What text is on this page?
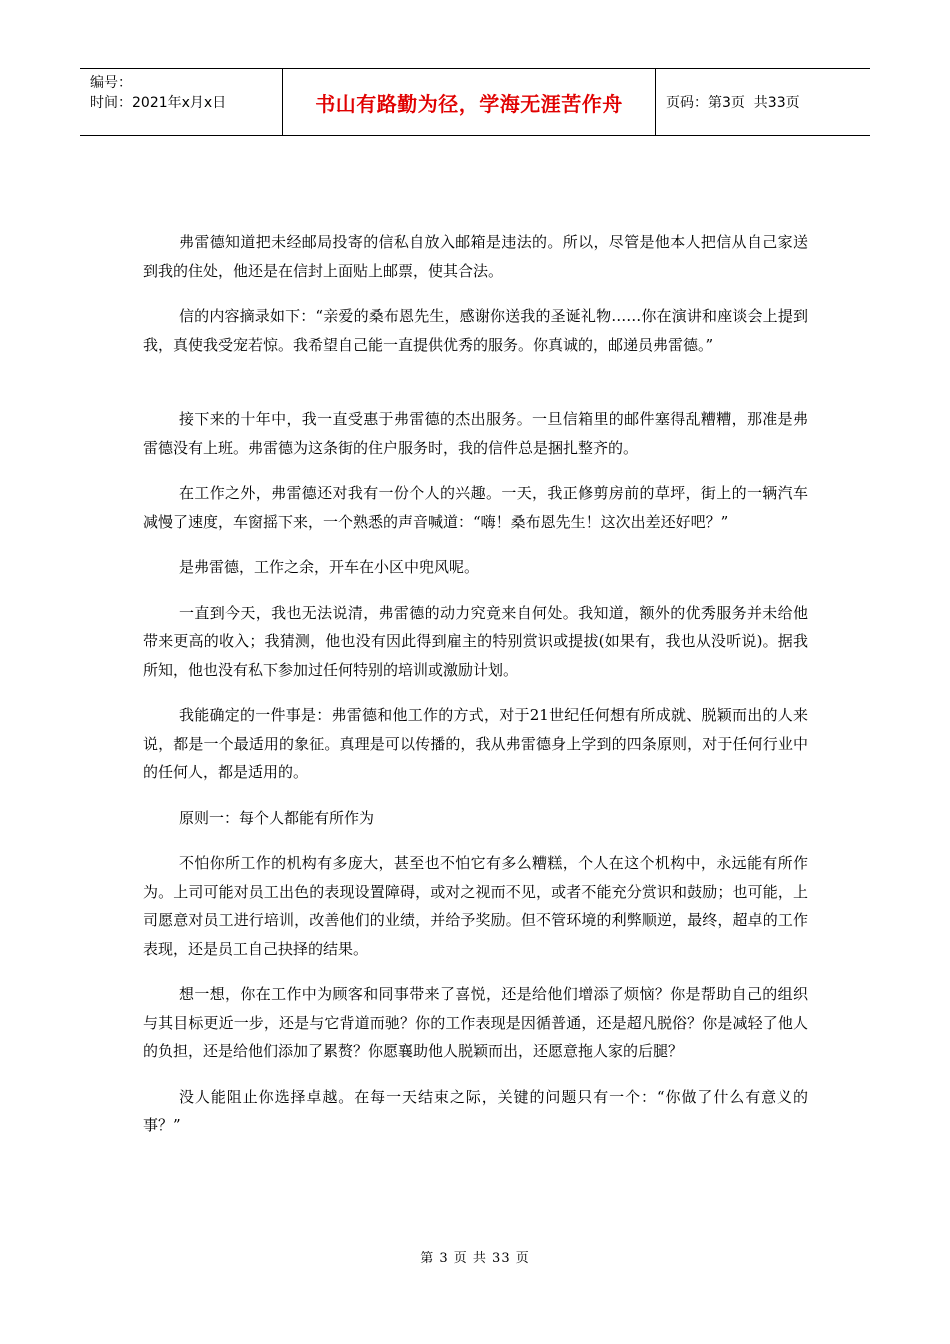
编号：
时间：2021年x月x日	书山有路勤为径，学海无涯苦作舟	页码：第3页  共33页

弗雷德知道把未经邮局投寄的信私自放入邮箱是违法的。所以，尽管是他本人把信从自己家送到我的住处，他还是在信封上面贴上邮票，使其合法。

信的内容摘录如下：“亲爱的桑布恩先生，感谢你送我的圣诞礼物……你在演讲和座谈会上提到我，真使我受宠若惊。我希望自己能一直提供优秀的服务。你真诚的，邮递员弗雷德。”

接下来的十年中，我一直受惠于弗雷德的杰出服务。一旦信箱里的邮件塞得乱糟糟，那准是弗雷德没有上班。弗雷德为这条街的住户服务时，我的信件总是捆扎整齐的。

在工作之外，弗雷德还对我有一份个人的兴趣。一天，我正修剪房前的草坪，街上的一辆汽车减慢了速度，车窗摇下来，一个熟悉的声音喊道：“嗨！桑布恩先生！这次出差还好吧？”

是弗雷德，工作之余，开车在小区中兜风呢。

一直到今天，我也无法说清，弗雷德的动力究竟来自何处。我知道，额外的优秀服务并未给他带来更高的收入；我猜测，他也没有因此得到雇主的特别赏识或提拔(如果有，我也从没听说)。据我所知，他也没有私下参加过任何特别的培训或激励计划。

我能确定的一件事是：弗雷德和他工作的方式，对于21世纪任何想有所成就、脱颖而出的人来说，都是一个最适用的象征。真理是可以传播的，我从弗雷德身上学到的四条原则，对于任何行业中的任何人，都是适用的。

原则一：每个人都能有所作为

不怕你所工作的机构有多庞大，甚至也不怕它有多么糟糕，个人在这个机构中，永远能有所作为。上司可能对员工出色的表现设置障碍，或对之视而不见，或者不能充分赏识和鼓励；也可能，上司愿意对员工进行培训，改善他们的业绩，并给予奖励。但不管环境的利弊顺逆，最终，超卓的工作表现，还是员工自己抉择的结果。

想一想，你在工作中为顾客和同事带来了喜悦，还是给他们增添了烦恼？你是帮助自己的组织与其目标更近一步，还是与它背道而驰？你的工作表现是因循普通，还是超凡脱俗？你是减轻了他人的负担，还是给他们添加了累赘？你愿襄助他人脱颖而出，还愿意拖人家的后腿？

没人能阻止你选择卓越。在每一天结束之际，关键的问题只有一个：“你做了什么有意义的事？”

第 3 页 共 33 页
